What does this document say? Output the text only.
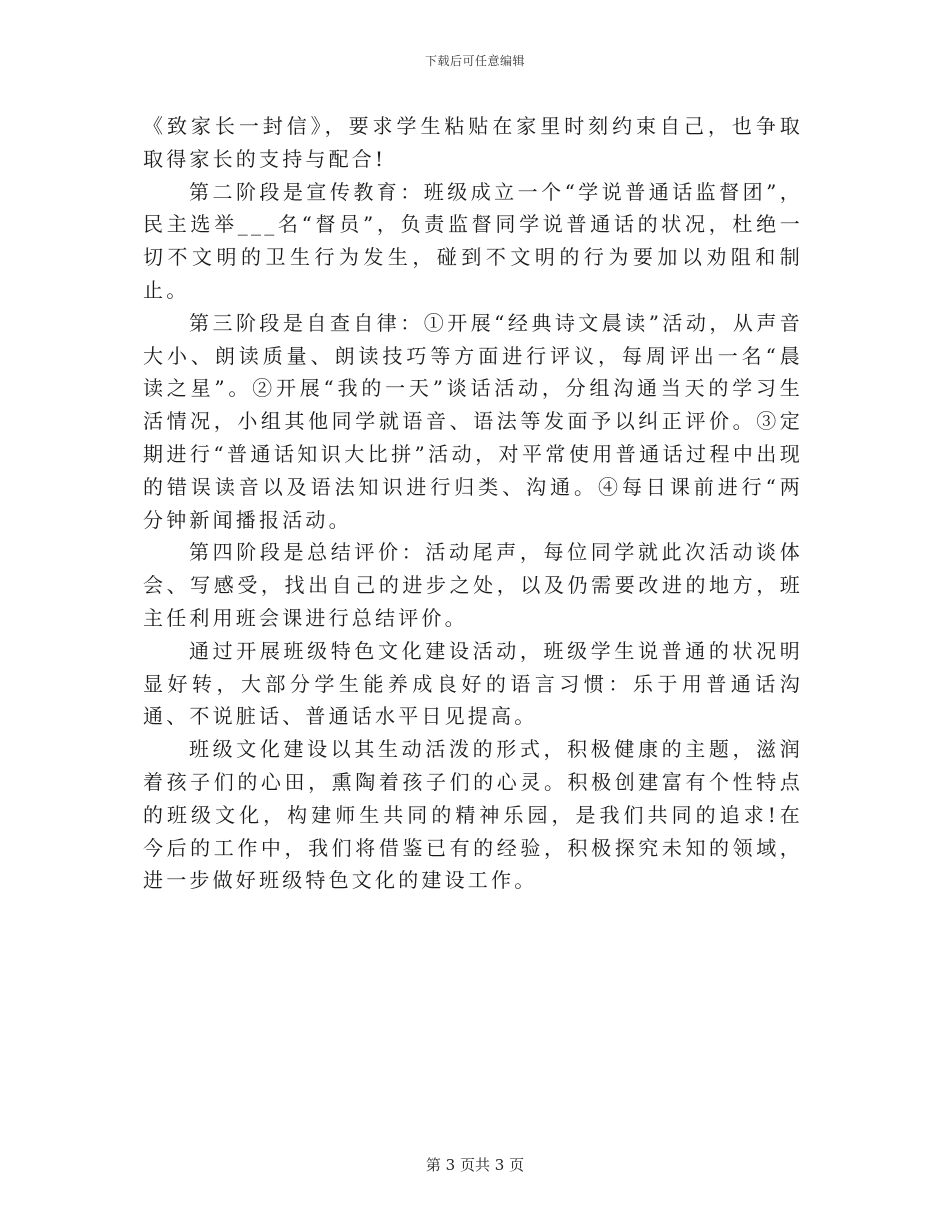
下载后可任意编辑

《致家长一封信》，要求学生粘贴在家里时刻约束自己，也争取取得家长的支持与配合!

第二阶段是宣传教育：班级成立一个“学说普通话监督团”，民主选举___名“督员”，负责监督同学说普通话的状况，杜绝一切不文明的卫生行为发生，碰到不文明的行为要加以劝阻和制止。

第三阶段是自查自律：①开展“经典诗文晨读”活动，从声音大小、朗读质量、朗读技巧等方面进行评议，每周评出一名“晨读之星”。②开展“我的一天”谈话活动，分组沟通当天的学习生活情况，小组其他同学就语音、语法等发面予以纠正评价。③定期进行“普通话知识大比拼”活动，对平常使用普通话过程中出现的错误读音以及语法知识进行归类、沟通。④每日课前进行“两分钟新闻播报活动。

第四阶段是总结评价：活动尾声，每位同学就此次活动谈体会、写感受，找出自己的进步之处，以及仍需要改进的地方，班主任利用班会课进行总结评价。

通过开展班级特色文化建设活动，班级学生说普通的状况明显好转，大部分学生能养成良好的语言习惯：乐于用普通话沟通、不说脏话、普通话水平日见提高。

班级文化建设以其生动活泼的形式，积极健康的主题，滋润着孩子们的心田，熏陶着孩子们的心灵。积极创建富有个性特点的班级文化，构建师生共同的精神乐园，是我们共同的追求!在今后的工作中，我们将借鉴已有的经验，积极探究未知的领域，进一步做好班级特色文化的建设工作。

第 3 页共 3 页
